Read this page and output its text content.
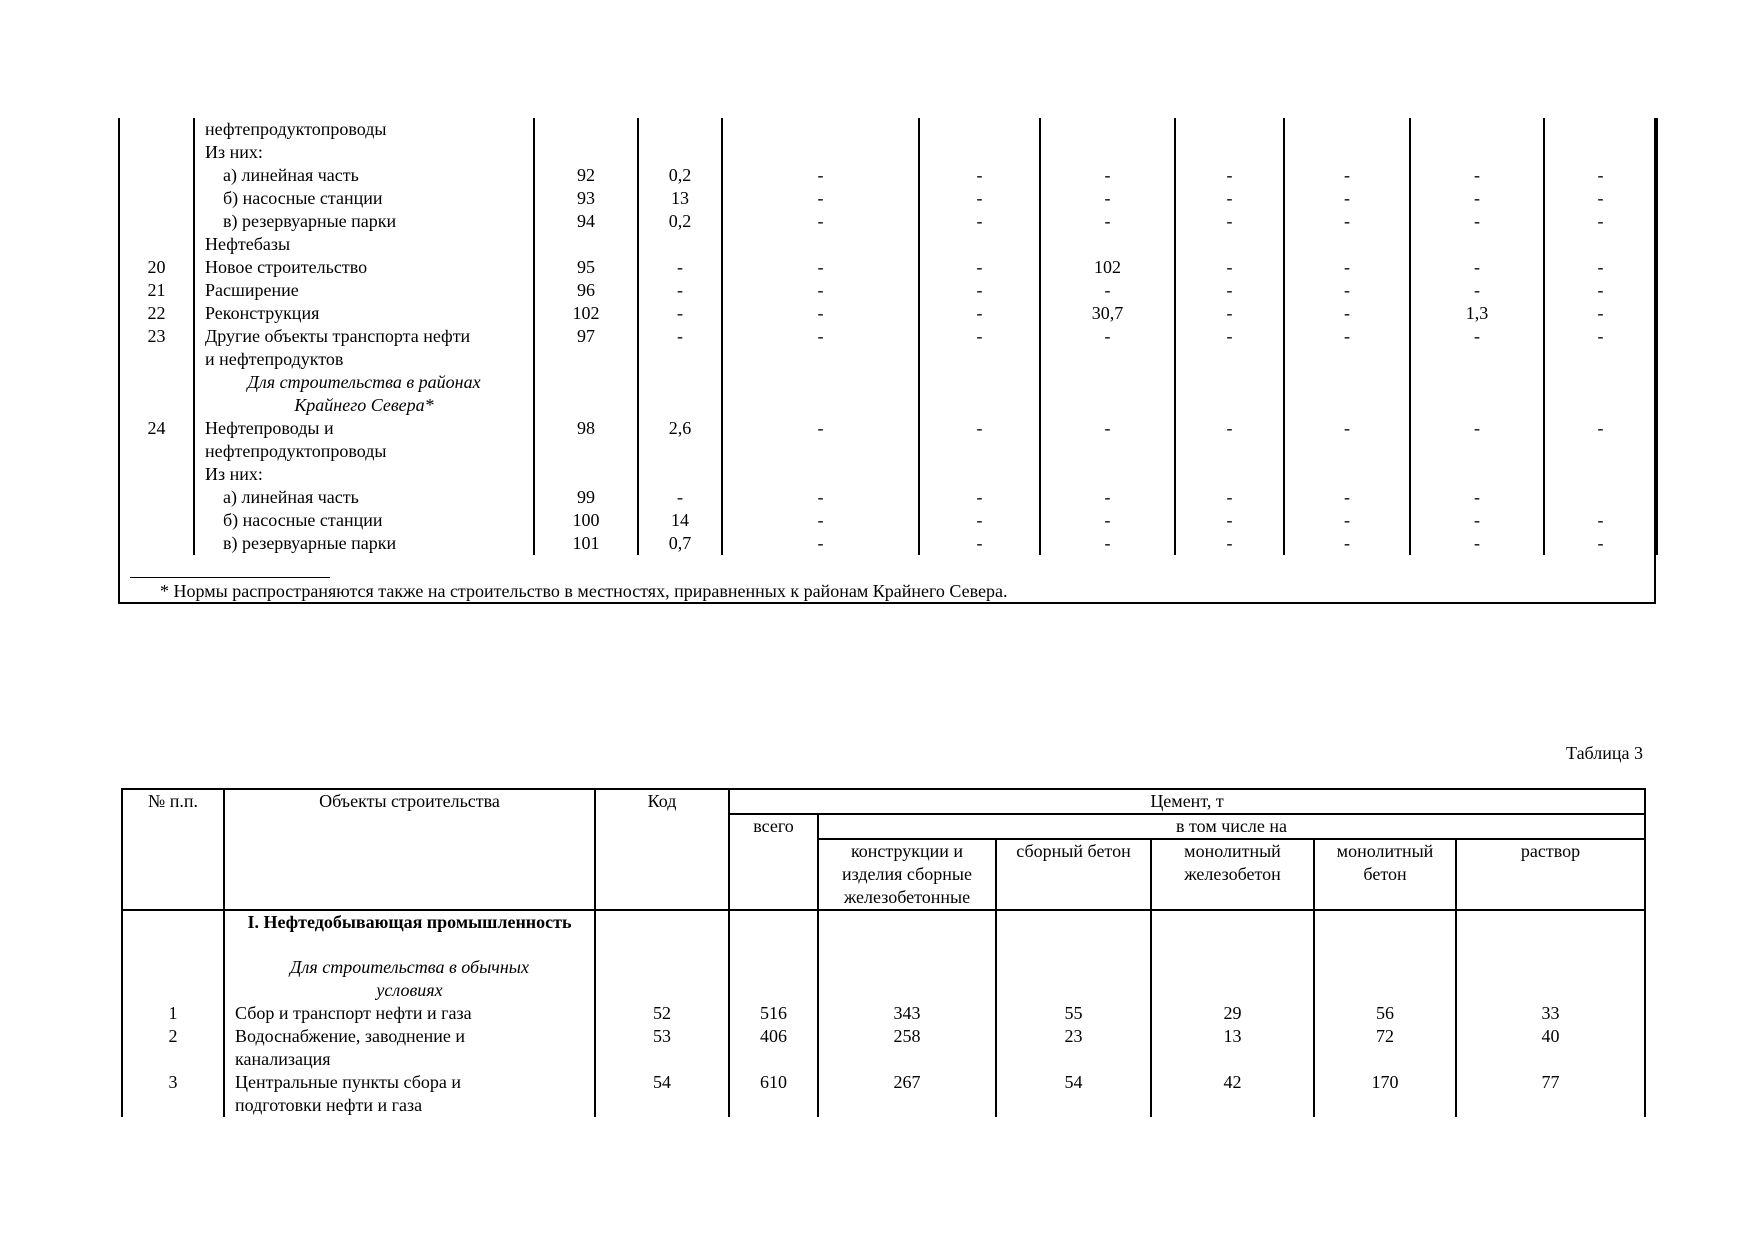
	нефтепродуктопроводы									
	Из них:									
	а) линейная часть	92	0,2	-	-	-	-	-	-	-
	б) насосные станции	93	13	-	-	-	-	-	-	-
	в) резервуарные парки	94	0,2	-	-	-	-	-	-	-
	Нефтебазы									
20	Новое строительство	95	-	-	-	102	-	-	-	-
21	Расширение	96	-	-	-	-	-	-	-	-
22	Реконструкция	102	-	-	-	30,7	-	-	1,3	-
23	Другие объекты транспорта нефти	97	-	-	-	-	-	-	-	-
	и нефтепродуктов									
	Для строительства в районах									
	Крайнего Севера*									
24	Нефтепроводы и	98	2,6	-	-	-	-	-	-	-
	нефтепродуктопроводы									
	Из них:									
	а) линейная часть	99	-	-	-	-	-	-	-	
	б) насосные станции	100	14	-	-	-	-	-	-	-
	в) резервуарные парки	101	0,7	-	-	-	-	-	-	-

* Нормы распространяются также на строительство в местностях, приравненных к районам Крайнего Севера.
Таблица 3
№ п.п.	Объекты строительства	Код	Цемент, т					
			всего	в том числе на				
				конструкции и изделия сборные железобетонные	сборный бетон	монолитный железобетон	монолитный бетон	раствор
	I. Нефтедобывающая промышленность							
	Для строительства в обычных условиях							
1	Сбор и транспорт нефти и газа	52	516	343	55	29	56	33
2	Водоснабжение, заводнение и	53	406	258	23	13	72	40
	канализация							
3	Центральные пункты сбора и	54	610	267	54	42	170	77
	подготовки нефти и газа							
